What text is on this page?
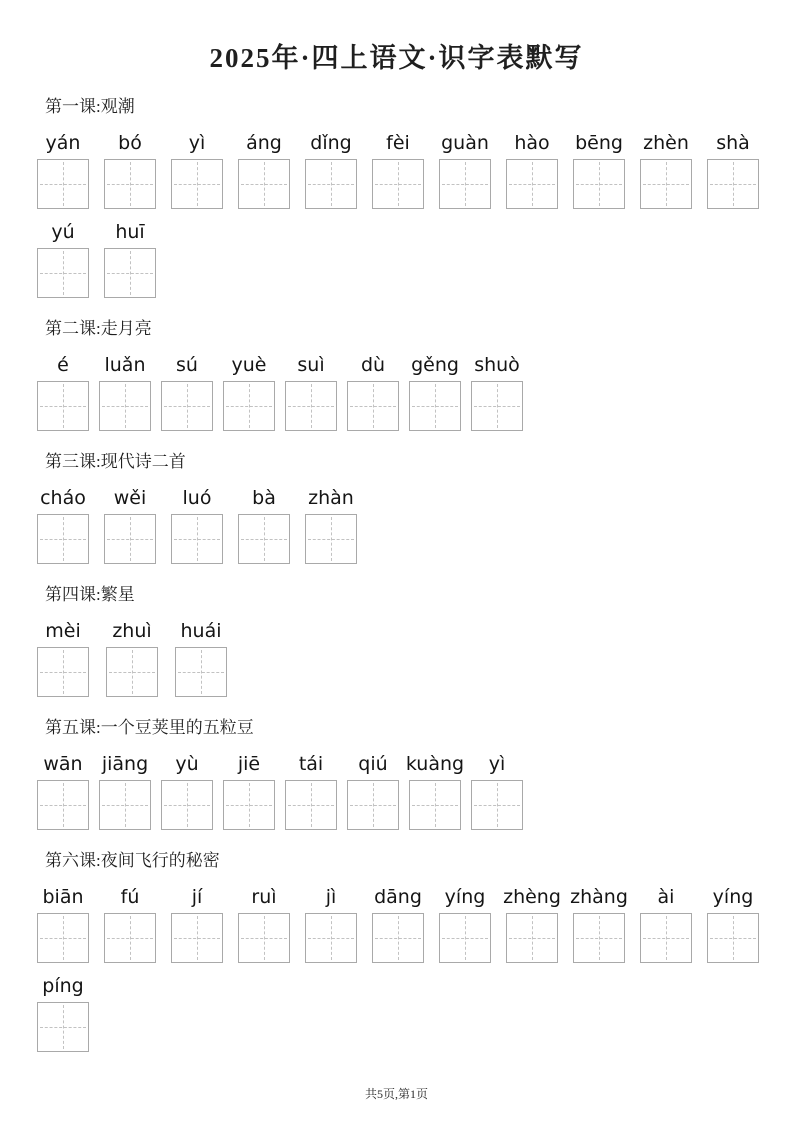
2025年·四上语文·识字表默写
第一课:观潮
yán bó yì áng dǐng fèi guàn hào bēng zhèn shà
yú huī
第二课:走月亮
é luǎn sú yuè suì dù gěng shuò
第三课:现代诗二首
cháo wěi luó bà zhàn
第四课:繁星
mèi zhuì huái
第五课:一个豆荚里的五粒豆
wān jiāng yù jiē tái qiú kuàng yì
第六课:夜间飞行的秘密
biān fú	jí	ruì	jì dāng yíng zhèng zhàng ài yíng
píng
共5页,第1页
